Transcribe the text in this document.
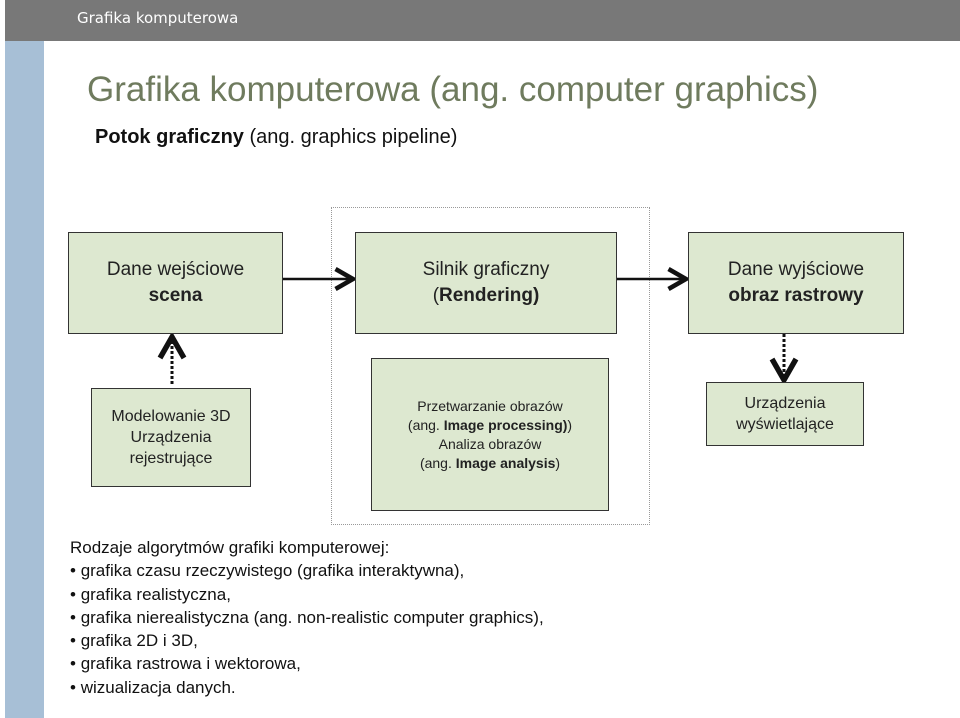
Grafika komputerowa
Grafika komputerowa (ang. computer graphics)
Potok graficzny (ang. graphics pipeline)
Dane wejściowe
scena
Silnik graficzny
(Rendering)
Dane wyjściowe
obraz rastrowy
Modelowanie 3D
Urządzenia
rejestrujące
Przetwarzanie obrazów
(ang. Image processing))
Analiza obrazów
(ang. Image analysis)
Urządzenia
wyświetlające
Rodzaje algorytmów grafiki komputerowej:
• grafika czasu rzeczywistego (grafika interaktywna),
• grafika realistyczna,
• grafika nierealistyczna (ang. non-realistic computer graphics),
• grafika 2D i 3D,
• grafika rastrowa i wektorowa,
• wizualizacja danych.
